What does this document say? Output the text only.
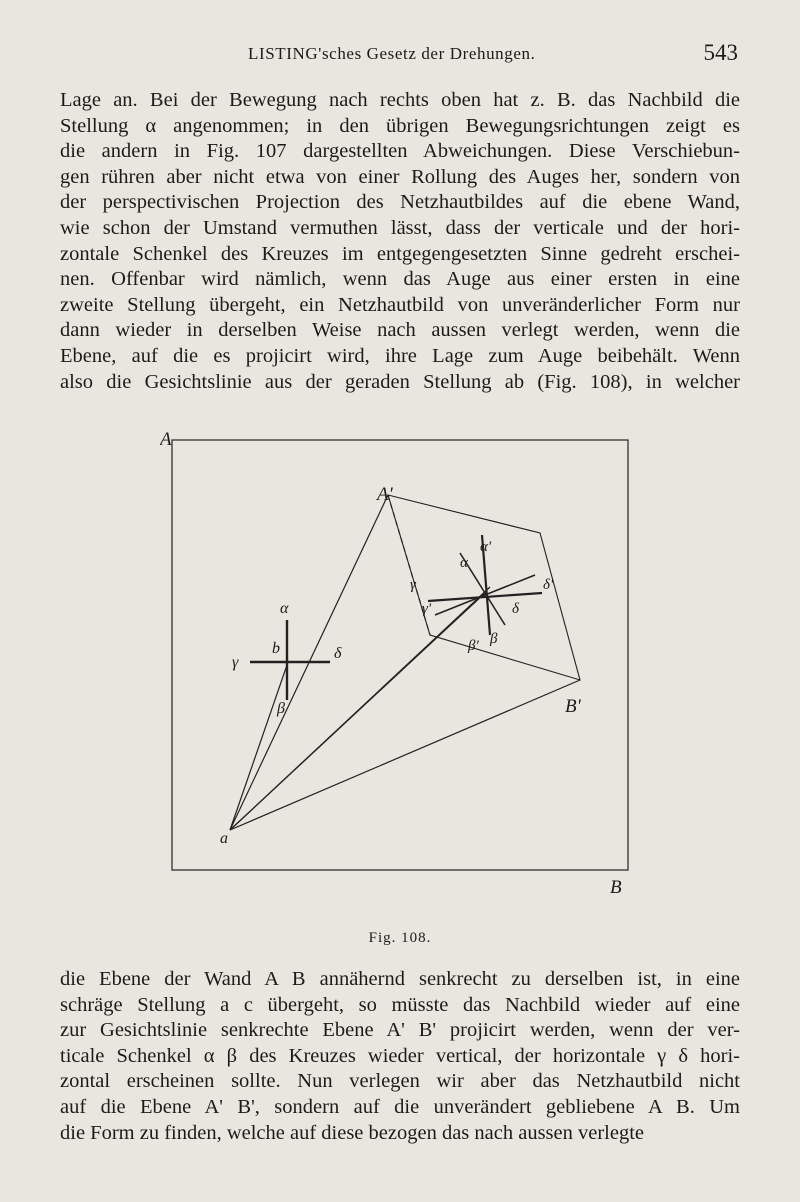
LISTING'sches Gesetz der Drehungen.	543

Lage an. Bei der Bewegung nach rechts oben hat z. B. das Nachbild die
Stellung α angenommen; in den übrigen Bewegungsrichtungen zeigt es
die andern in Fig. 107 dargestellten Abweichungen. Diese Verschiebun-
gen rühren aber nicht etwa von einer Rollung des Auges her, sondern von
der perspectivischen Projection des Netzhautbildes auf die ebene Wand,
wie schon der Umstand vermuthen lässt, dass der verticale und der hori-
zontale Schenkel des Kreuzes im entgegengesetzten Sinne gedreht erschei-
nen. Offenbar wird nämlich, wenn das Auge aus einer ersten in eine
zweite Stellung übergeht, ein Netzhautbild von unveränderlicher Form nur
dann wieder in derselben Weise nach aussen verlegt werden, wenn die
Ebene, auf die es projicirt wird, ihre Lage zum Auge beibehält. Wenn
also die Gesichtslinie aus der geraden Stellung ab (Fig. 108), in welcher

A
B
A'
B'
a
b
α
β
γ
δ
α'
α
β
β'
γ'
γ	δ'
δ
Fig. 108.

die Ebene der Wand A B annähernd senkrecht zu derselben ist, in eine
schräge Stellung a c übergeht, so müsste das Nachbild wieder auf eine
zur Gesichtslinie senkrechte Ebene A' B' projicirt werden, wenn der ver-
ticale Schenkel α β des Kreuzes wieder vertical, der horizontale γ δ hori-
zontal erscheinen sollte. Nun verlegen wir aber das Netzhautbild nicht
auf die Ebene A' B', sondern auf die unverändert gebliebene A B. Um
die Form zu finden, welche auf diese bezogen das nach aussen verlegte
